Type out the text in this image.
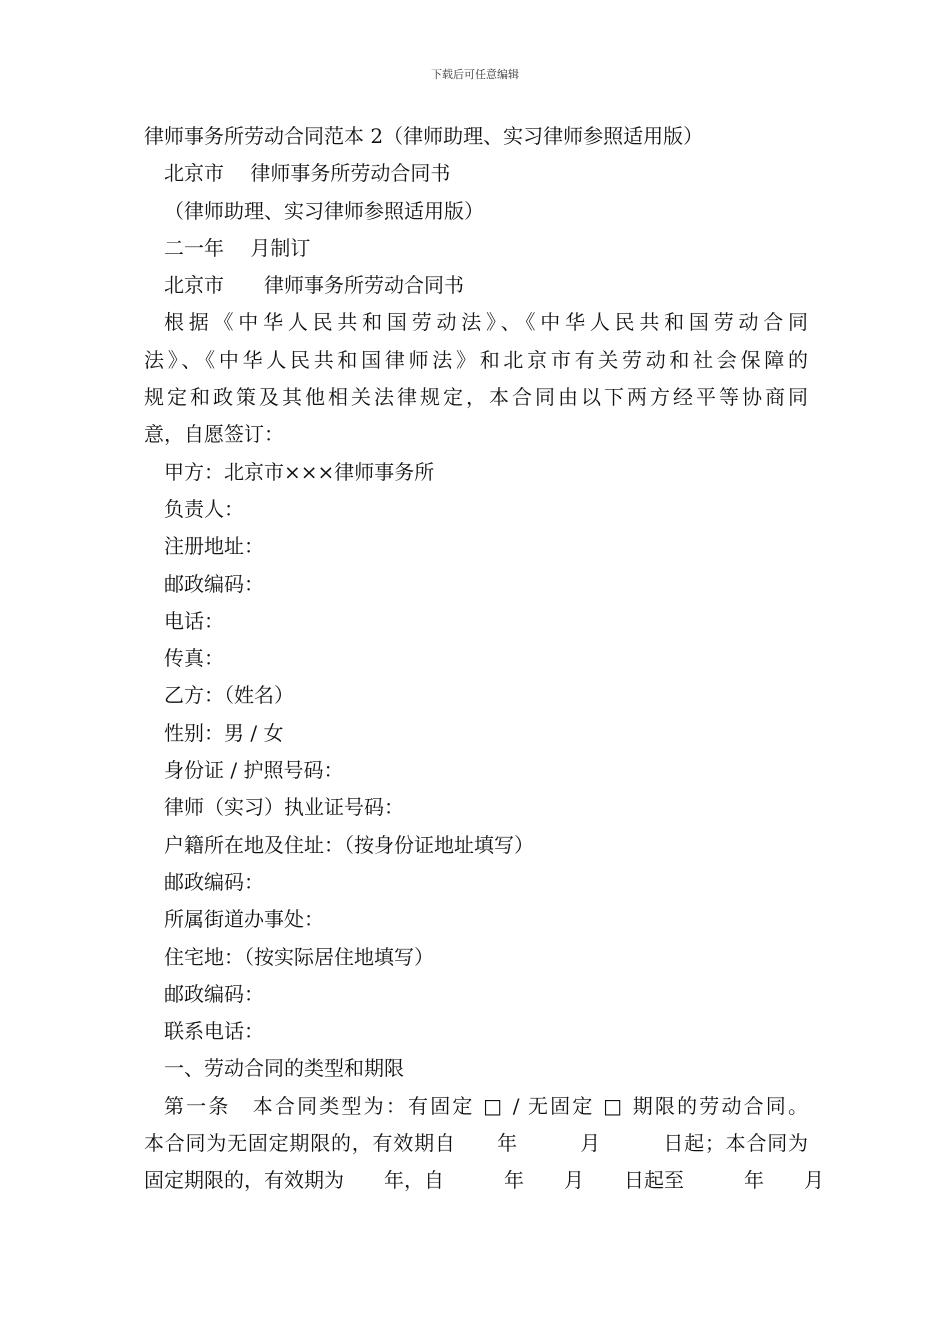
下载后可任意编辑
律师事务所劳动合同范本 2（律师助理、实习律师参照适用版）
北京市　 律师事务所劳动合同书
（律师助理、实习律师参照适用版）
二一年　 月制订
北京市　　律师事务所劳动合同书
根据《中华人民共和国劳动法》、《中华人民共和国劳动合同
法》、《中华人民共和国律师法》和北京市有关劳动和社会保障的
规定和政策及其他相关法律规定，本合同由以下两方经平等协商同
意，自愿签订：
甲方：北京市×××律师事务所
负责人：
注册地址：
邮政编码：
电话：
传真：
乙方：（姓名）
性别：男 / 女
身份证 / 护照号码：
律师（实习）执业证号码：
户籍所在地及住址：（按身份证地址填写）
邮政编码：
所属街道办事处：
住宅地：（按实际居住地填写）
邮政编码：
联系电话：
一、劳动合同的类型和期限
第一条　本合同类型为：有固定 □ / 无固定 □ 期限的劳动合同。
本合同为无固定期限的，有效期自　　年　　　月　　　日起；本合同为
固定期限的，有效期为　　年，自　　　年　　月　　日起至　　　年　　月
